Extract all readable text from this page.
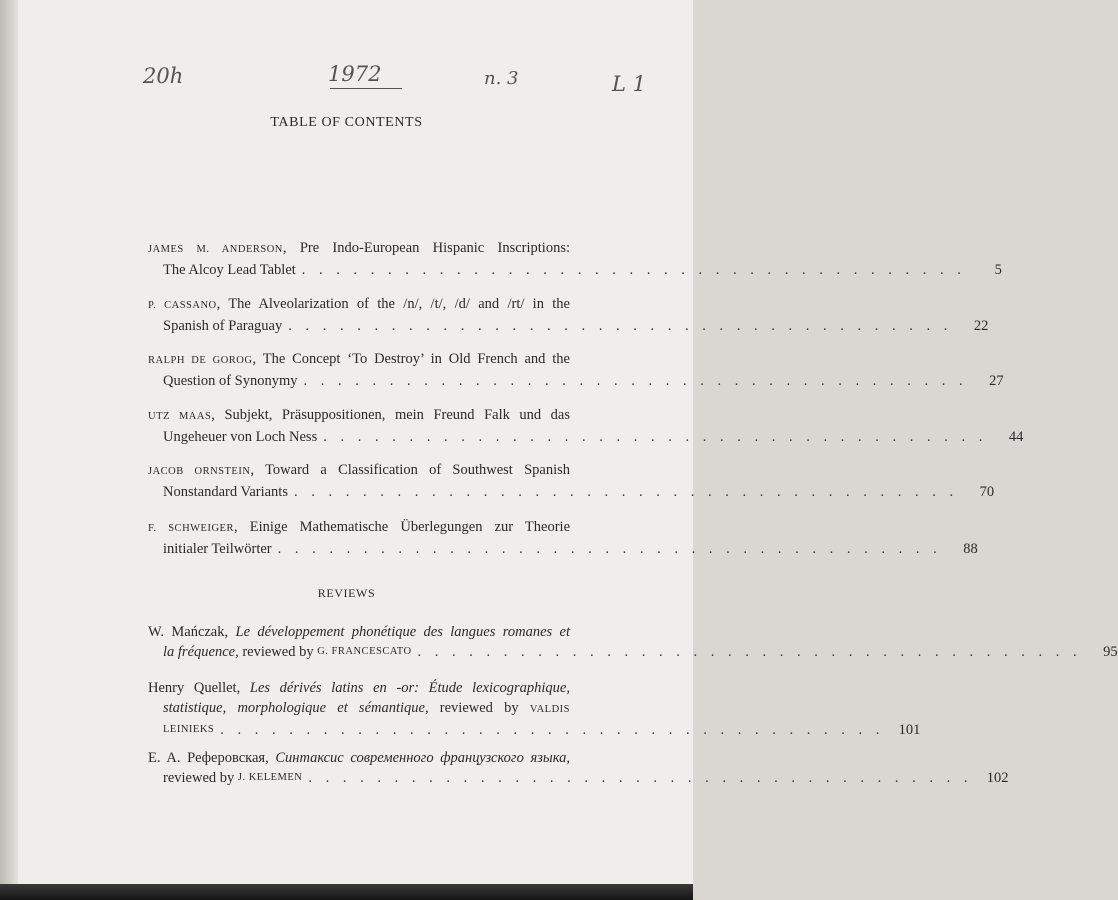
20h	1972	n. 3	L 1
TABLE OF CONTENTS
JAMES M. ANDERSON, Pre Indo-European Hispanic Inscriptions:
The Alcoy Lead Tablet . . . . . . . . . . . . . . . . . . . . . . . . . . . . . . . . . . . . . . .	5
P. CASSANO, The Alveolarization of the /n/, /t/, /d/ and /rt/ in the
Spanish of Paraguay . . . . . . . . . . . . . . . . . . . . . . . . . . . . . . . . . . . . . . .	22
RALPH DE GOROG, The Concept ‘To Destroy’ in Old French and the
Question of Synonymy . . . . . . . . . . . . . . . . . . . . . . . . . . . . . . . . . . . . . . .	27
UTZ MAAS, Subjekt, Präsuppositionen, mein Freund Falk und das
Ungeheuer von Loch Ness . . . . . . . . . . . . . . . . . . . . . . . . . . . . . . . . . . . . . . .	44
JACOB ORNSTEIN, Toward a Classification of Southwest Spanish
Nonstandard Variants . . . . . . . . . . . . . . . . . . . . . . . . . . . . . . . . . . . . . . .	70
F. SCHWEIGER, Einige Mathematische Überlegungen zur Theorie
initialer Teilwörter . . . . . . . . . . . . . . . . . . . . . . . . . . . . . . . . . . . . . . .	88
REVIEWS
W. Mańczak, Le développement phonétique des langues romanes et
la fréquence , reviewed by
G. FRANCESCATO . . . . . . . . . . . . . . . . . . . . . . . . . . . . . . . . . . . . . . .	95
Henry Quellet, Les dérivés latins en -or: Étude lexicographique,
statistique, morphologique et sémantique, reviewed by VALDIS
LEINIEKS . . . . . . . . . . . . . . . . . . . . . . . . . . . . . . . . . . . . . . . 101
E. A. Рeферовская, Синтаксис современного французского языка,
reviewed by
J. KELEMEN . . . . . . . . . . . . . . . . . . . . . . . . . . . . . . . . . . . . . . . 102
